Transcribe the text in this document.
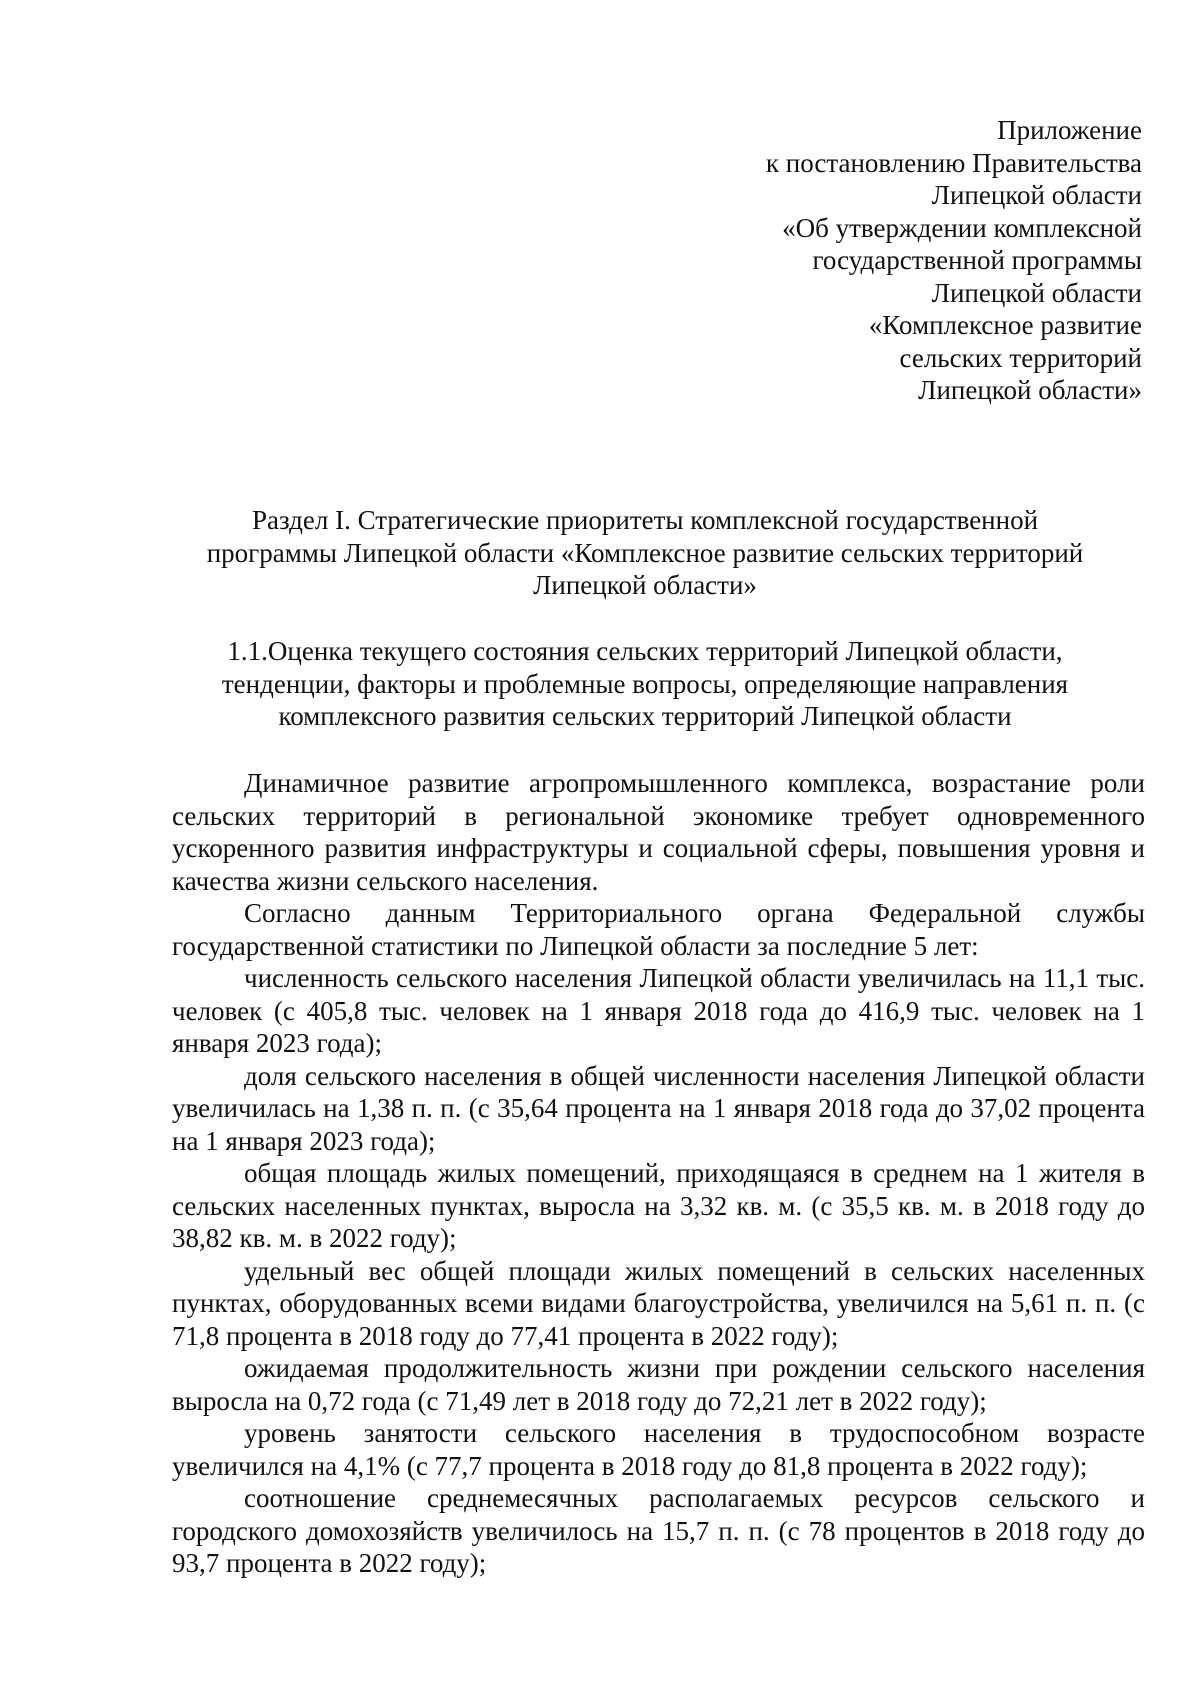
Приложение
к постановлению Правительства
Липецкой области
«Об утверждении комплексной
государственной программы
Липецкой области
«Комплексное развитие
сельских территорий
Липецкой области»
Раздел I. Стратегические приоритеты комплексной государственной
программы Липецкой области «Комплексное развитие сельских территорий
Липецкой области»
1.1.Оценка текущего состояния сельских территорий Липецкой области,
тенденции, факторы и проблемные вопросы, определяющие направления
комплексного развития сельских территорий Липецкой области

Динамичное развитие агропромышленного комплекса, возрастание роли сельских территорий в региональной экономике требует одновременного ускоренного развития инфраструктуры и социальной сферы, повышения уровня и качества жизни сельского населения.

Согласно данным Территориального органа Федеральной службы государственной статистики по Липецкой области за последние 5 лет:

численность сельского населения Липецкой области увеличилась на 11,1 тыс. человек (с 405,8 тыс. человек на 1 января 2018 года до 416,9 тыс. человек на 1 января 2023 года);

доля сельского населения в общей численности населения Липецкой области увеличилась на 1,38 п. п. (с 35,64 процента на 1 января 2018 года до 37,02 процента на 1 января 2023 года);

общая площадь жилых помещений, приходящаяся в среднем на 1 жителя в сельских населенных пунктах, выросла на 3,32 кв. м. (с 35,5 кв. м. в 2018 году до 38,82 кв. м. в 2022 году);

удельный вес общей площади жилых помещений в сельских населенных пунктах, оборудованных всеми видами благоустройства, увеличился на 5,61 п. п. (с 71,8 процента в 2018 году до 77,41 процента в 2022 году);

ожидаемая продолжительность жизни при рождении сельского населения выросла на 0,72 года (с 71,49 лет в 2018 году до 72,21 лет в 2022 году);

уровень занятости сельского населения в трудоспособном возрасте увеличился на 4,1% (с 77,7 процента в 2018 году до 81,8 процента в 2022 году);

соотношение среднемесячных располагаемых ресурсов сельского и городского домохозяйств увеличилось на 15,7 п. п. (с 78 процентов в 2018 году до 93,7 процента в 2022 году);
